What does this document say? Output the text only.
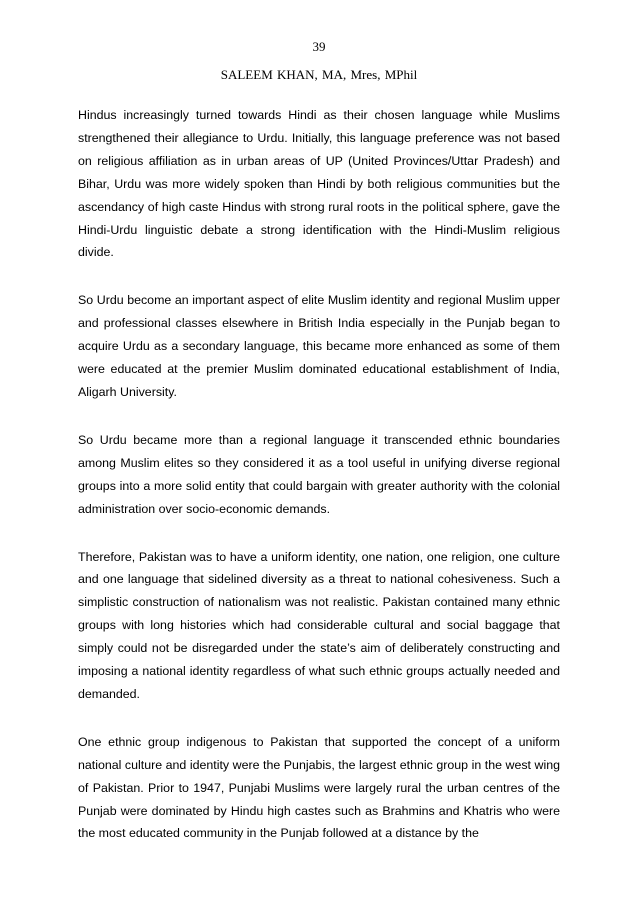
39
SALEEM KHAN, MA, Mres, MPhil

Hindus increasingly turned towards Hindi as their chosen language while Muslims strengthened their allegiance to Urdu. Initially, this language preference was not based on religious affiliation as in urban areas of UP (United Provinces/Uttar Pradesh) and Bihar, Urdu was more widely spoken than Hindi by both religious communities but the ascendancy of high caste Hindus with strong rural roots in the political sphere, gave the Hindi-Urdu linguistic debate a strong identification with the Hindi-Muslim religious divide.

So Urdu become an important aspect of elite Muslim identity and regional Muslim upper and professional classes elsewhere in British India especially in the Punjab began to acquire Urdu as a secondary language, this became more enhanced as some of them were educated at the premier Muslim dominated educational establishment of India, Aligarh University.

So Urdu became more than a regional language it transcended ethnic boundaries among Muslim elites so they considered it as a tool useful in unifying diverse regional groups into a more solid entity that could bargain with greater authority with the colonial administration over socio-economic demands.

Therefore, Pakistan was to have a uniform identity, one nation, one religion, one culture and one language that sidelined diversity as a threat to national cohesiveness. Such a simplistic construction of nationalism was not realistic. Pakistan contained many ethnic groups with long histories which had considerable cultural and social baggage that simply could not be disregarded under the state’s aim of deliberately constructing and imposing a national identity regardless of what such ethnic groups actually needed and demanded.

One ethnic group indigenous to Pakistan that supported the concept of a uniform national culture and identity were the Punjabis, the largest ethnic group in the west wing of Pakistan. Prior to 1947, Punjabi Muslims were largely rural the urban centres of the Punjab were dominated by Hindu high castes such as Brahmins and Khatris who were the most educated community in the Punjab followed at a distance by the
